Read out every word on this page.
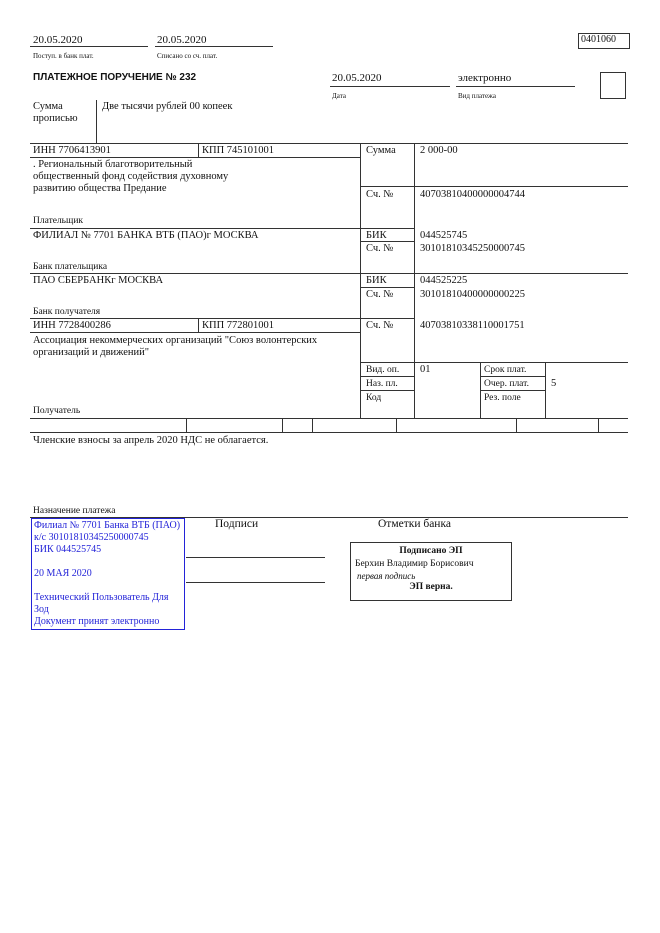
20.05.2020
Поступ. в банк плат.
20.05.2020
Списано со сч. плат.
0401060
ПЛАТЕЖНОЕ ПОРУЧЕНИЕ № 232	20.05.2020
Дата
электронно
Вид платежа
Сумма прописью
Две тысячи рублей 00 копеек
ИНН 7706413901	КПП 745101001	Сумма 2 000-00
. Региональный благотворительный общественный фонд содействия духовному развитию общества Предание
Сч. №	40703810400000004744
Плательщик
ФИЛИАЛ № 7701 БАНКА ВТБ (ПАО)г МОСКВА	БИК	044525745
Сч. №	30101810345250000745
Банк плательщика
ПАО СБЕРБАНКг МОСКВА	БИК	044525225
Сч. №	30101810400000000225
Банк получателя
ИНН 7728400286	КПП 772801001	Сч. №	40703810338110001751
Ассоциация некоммерческих организаций "Союз волонтерских организаций и движений"
Получатель
Вид. оп. 01
Наз. пл.
Код
Срок плат.
Очер. плат. 5
Рез. поле
Членские взносы за апрель 2020 НДС не облагается.
Назначение платежа
Филиал № 7701 Банка ВТБ (ПАО)
к/с 30101810345250000745
БИК 044525745
20 МАЯ 2020
Технический Пользователь Для Зод
Документ принят электронно
Подписи	Отметки банка
Подписано ЭП
Берхин Владимир Борисович
первая подпись
ЭП верна.
